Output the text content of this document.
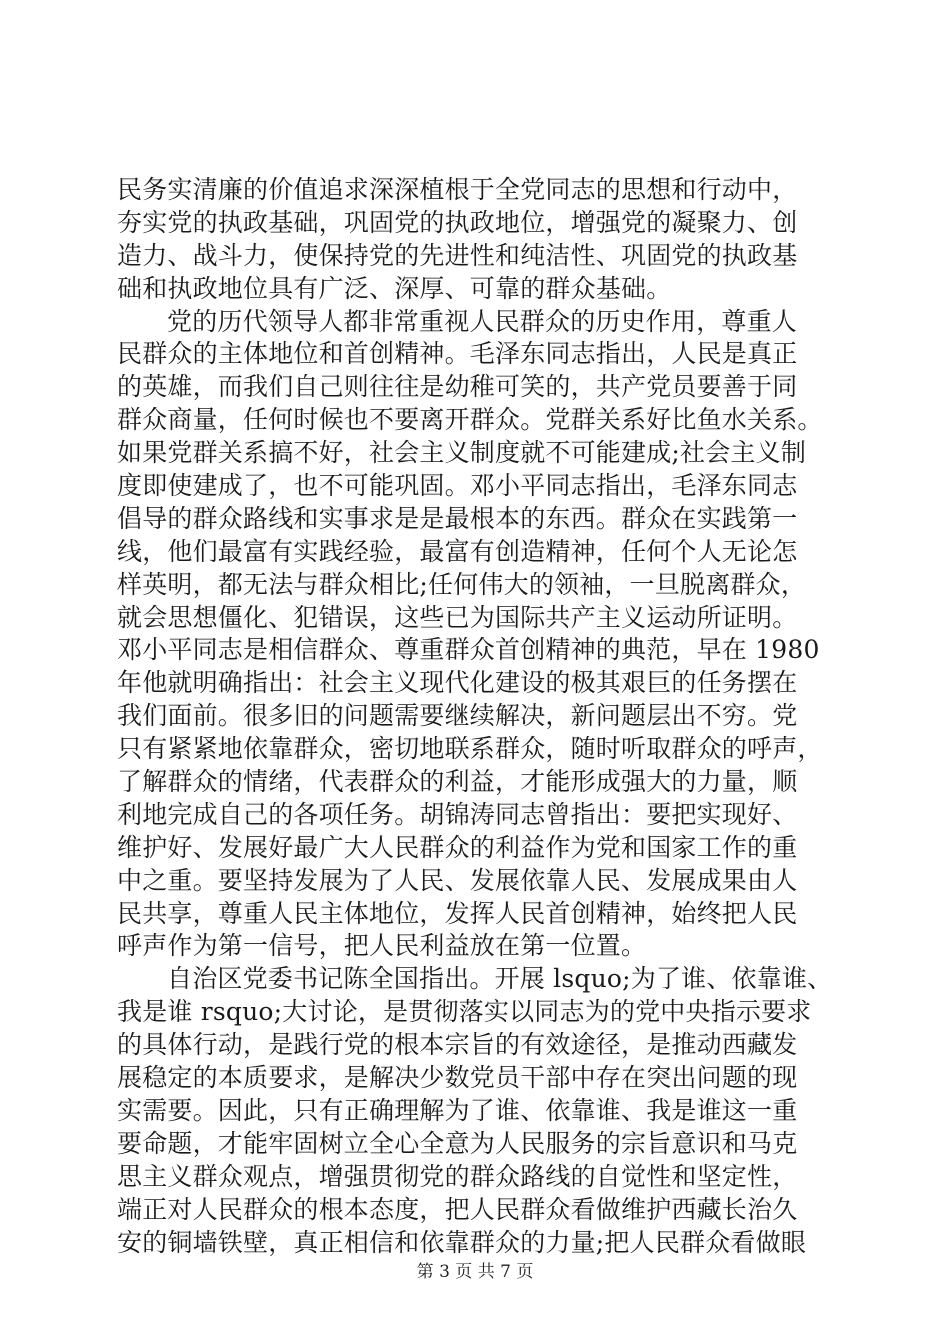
民务实清廉的价值追求深深植根于全党同志的思想和行动中，
夯实党的执政基础，巩固党的执政地位，增强党的凝聚力、创
造力、战斗力，使保持党的先进性和纯洁性、巩固党的执政基
础和执政地位具有广泛、深厚、可靠的群众基础。
党的历代领导人都非常重视人民群众的历史作用，尊重人
民群众的主体地位和首创精神。毛泽东同志指出，人民是真正
的英雄，而我们自己则往往是幼稚可笑的，共产党员要善于同
群众商量，任何时候也不要离开群众。党群关系好比鱼水关系。
如果党群关系搞不好，社会主义制度就不可能建成;社会主义制
度即使建成了，也不可能巩固。邓小平同志指出，毛泽东同志
倡导的群众路线和实事求是是最根本的东西。群众在实践第一
线，他们最富有实践经验，最富有创造精神，任何个人无论怎
样英明，都无法与群众相比;任何伟大的领袖，一旦脱离群众，
就会思想僵化、犯错误，这些已为国际共产主义运动所证明。
邓小平同志是相信群众、尊重群众首创精神的典范，早在 1980
年他就明确指出：社会主义现代化建设的极其艰巨的任务摆在
我们面前。很多旧的问题需要继续解决，新问题层出不穷。党
只有紧紧地依靠群众，密切地联系群众，随时听取群众的呼声，
了解群众的情绪，代表群众的利益，才能形成强大的力量，顺
利地完成自己的各项任务。胡锦涛同志曾指出：要把实现好、
维护好、发展好最广大人民群众的利益作为党和国家工作的重
中之重。要坚持发展为了人民、发展依靠人民、发展成果由人
民共享，尊重人民主体地位，发挥人民首创精神，始终把人民
呼声作为第一信号，把人民利益放在第一位置。
自治区党委书记陈全国指出。开展 lsquo;为了谁、依靠谁、
我是谁 rsquo;大讨论，是贯彻落实以同志为的党中央指示要求
的具体行动，是践行党的根本宗旨的有效途径，是推动西藏发
展稳定的本质要求，是解决少数党员干部中存在突出问题的现
实需要。因此，只有正确理解为了谁、依靠谁、我是谁这一重
要命题，才能牢固树立全心全意为人民服务的宗旨意识和马克
思主义群众观点，增强贯彻党的群众路线的自觉性和坚定性，
端正对人民群众的根本态度，把人民群众看做维护西藏长治久
安的铜墙铁壁，真正相信和依靠群众的力量;把人民群众看做眼
第 3 页 共 7 页
